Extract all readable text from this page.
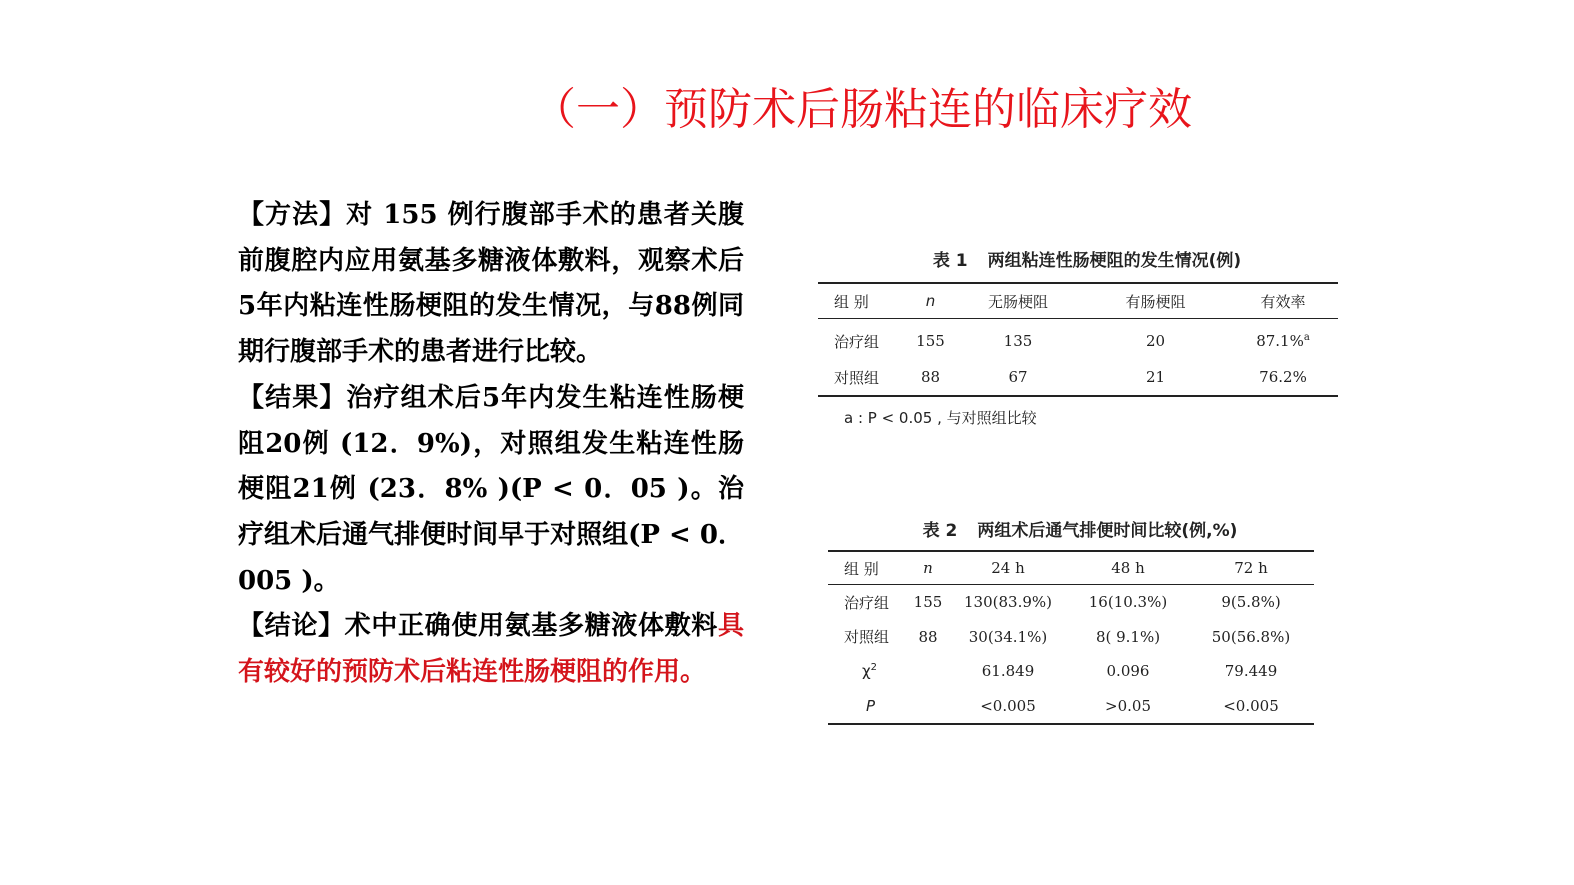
（一）预防术后肠粘连的临床疗效

【方法】对 155 例行腹部手术的患者关腹前腹腔内应用氨基多糖液体敷料，观察术后5年内粘连性肠梗阻的发生情况，与88例同期行腹部手术的患者进行比较。

【结果】治疗组术后5年内发生粘连性肠梗阻20例 (12．9%)，对照组发生粘连性肠梗阻21例 (23．8% )(P < 0．05 )。治疗组术后通气排便时间早于对照组(P < 0．005 )。

【结论】术中正确使用氨基多糖液体敷料具有较好的预防术后粘连性肠梗阻的作用。

表 1 两组粘连性肠梗阻的发生情况(例)
组 别	n	无肠梗阻	有肠梗阻	有效率
治疗组	155	135	20	87.1%$^a$
对照组	88	67	21	76.2%
a : P < 0.05 , 与对照组比较
表 2 两组术后通气排便时间比较(例,%)
组 别	n	24 h	48 h	72 h
治疗组	155	130(83.9%)	16(10.3%)	9(5.8%)
对照组	88	30(34.1%)	8( 9.1%)	50(56.8%)
$\chi^2$		61.849	0.096	79.449
P		<0.005	>0.05	<0.005
